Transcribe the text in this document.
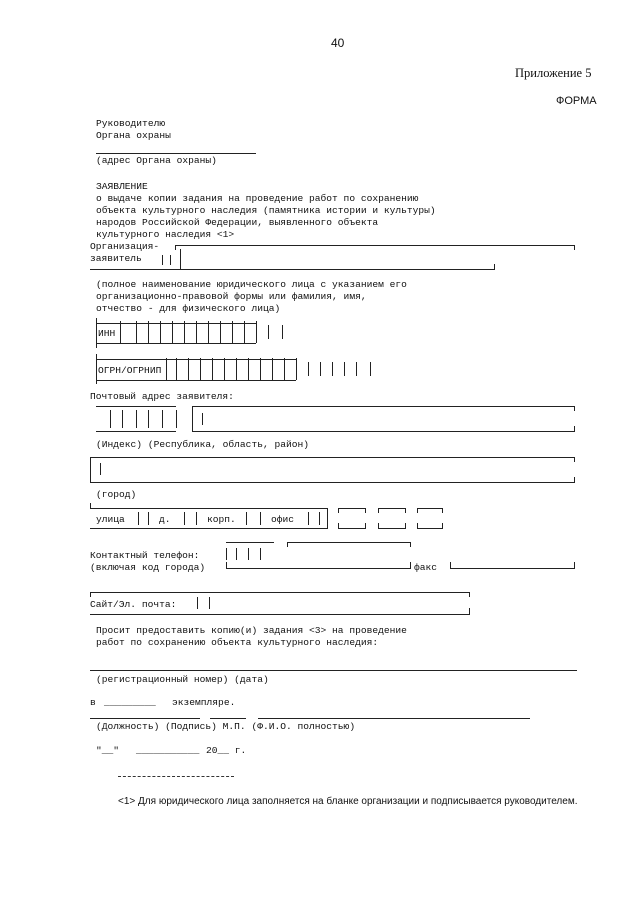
40
Приложение 5
ФОРМА
Руководителю
Органа охраны
(адрес Органа охраны)
ЗАЯВЛЕНИЕ
о выдаче копии задания на проведение работ по сохранению
объекта культурного наследия (памятника истории и культуры)
народов Российской Федерации, выявленного объекта
культурного наследия <1>
Организация-
заявитель
(полное наименование юридического лица с указанием его
организационно-правовой формы или фамилия, имя,
отчество - для физического лица)
ИНН
ОГРН/ОГРНИП
Почтовый адрес заявителя:
(Индекс) (Республика, область, район)
(город)
улица	д.	корп.	офис
Контактный телефон:
(включая код города)	факс
Сайт/Эл. почта:
Просит предоставить копию(и) задания <3> на проведение
работ по сохранению объекта культурного наследия:
(регистрационный номер) (дата)
в _________ экземпляре.
(Должность) (Подпись) М.П. (Ф.И.О. полностью)
"__" ___________ 20__ г.
<1> Для юридического лица заполняется на бланке организации и подписывается руководителем.
